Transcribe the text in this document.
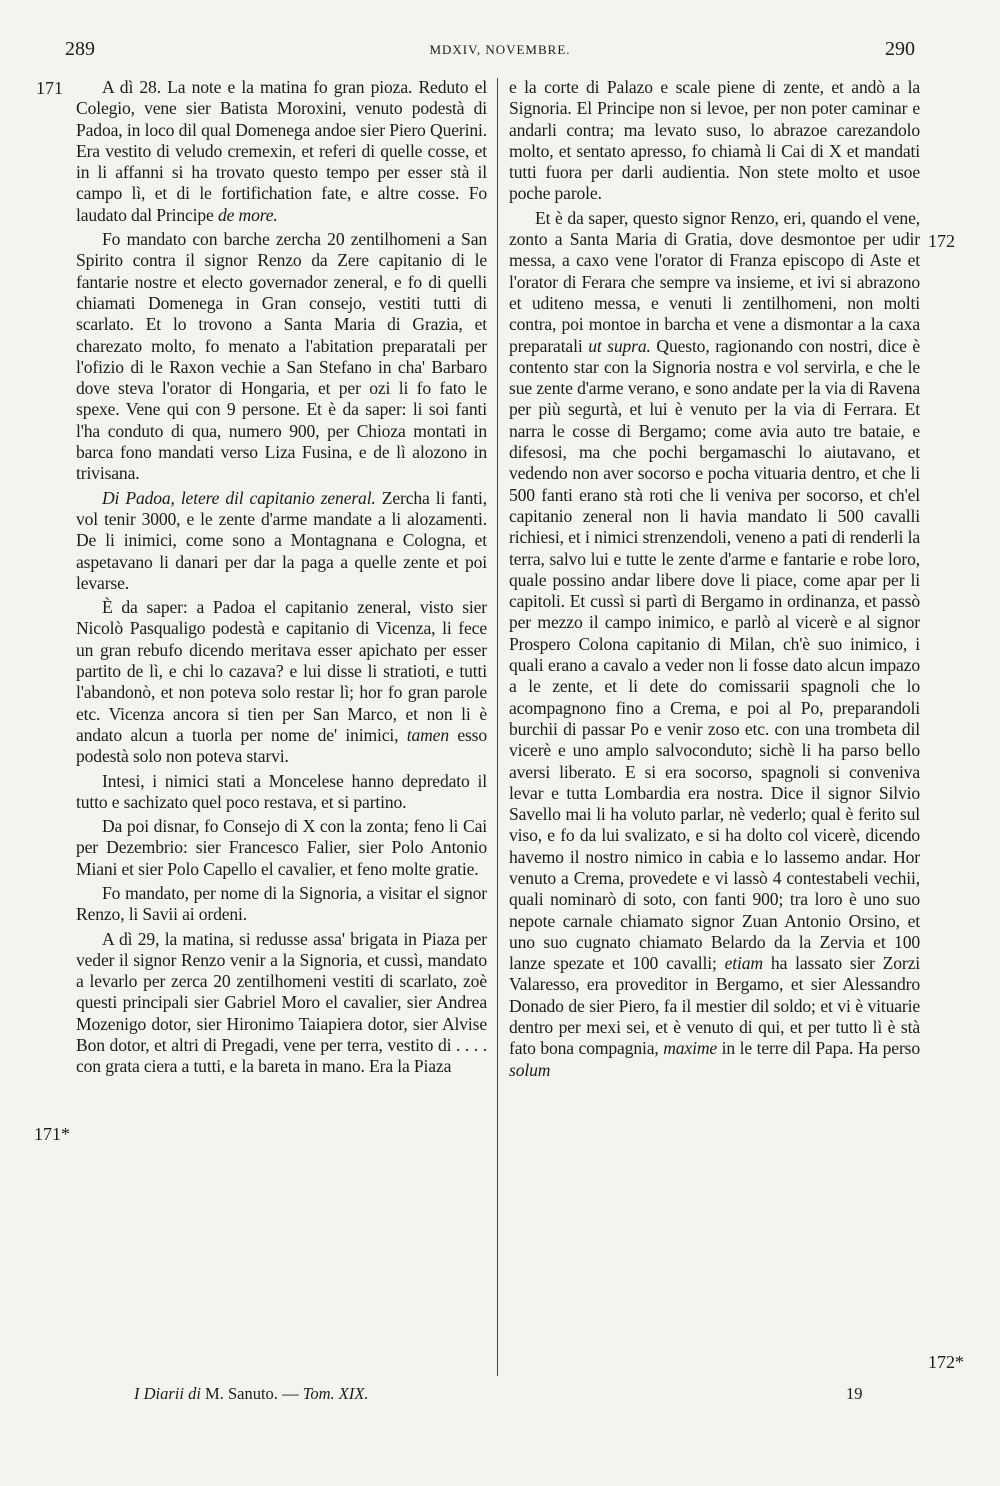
289	MDXIV, NOVEMBRE.	290
171
171*
172
172*

A dì 28. La note e la matina fo gran pioza. Reduto el Colegio, vene sier Batista Moroxini, venuto podestà di Padoa, in loco dil qual Domenega andoe sier Piero Querini. Era vestito di veludo cremexin, et referi di quelle cosse, et in li affanni si ha trovato questo tempo per esser stà il campo lì, et di le fortifichation fate, e altre cosse. Fo laudato dal Principe de more.

Fo mandato con barche zercha 20 zentilhomeni a San Spirito contra il signor Renzo da Zere capitanio di le fantarie nostre et electo governador zeneral, e fo di quelli chiamati Domenega in Gran consejo, vestiti tutti di scarlato. Et lo trovono a Santa Maria di Grazia, et charezato molto, fo menato a l'abitation preparatali per l'ofizio di le Raxon vechie a San Stefano in cha' Barbaro dove steva l'orator di Hongaria, et per ozi li fo fato le spexe. Vene qui con 9 persone. Et è da saper: li soi fanti l'ha conduto di qua, numero 900, per Chioza montati in barca fono mandati verso Liza Fusina, e de lì alozono in trivisana.

Di Padoa, letere dil capitanio zeneral. Zercha li fanti, vol tenir 3000, e le zente d'arme mandate a li alozamenti. De li inimici, come sono a Montagnana e Cologna, et aspetavano li danari per dar la paga a quelle zente et poi levarse.

È da saper: a Padoa el capitanio zeneral, visto sier Nicolò Pasqualigo podestà e capitanio di Vicenza, li fece un gran rebufo dicendo meritava esser apichato per esser partito de lì, e chi lo cazava? e lui disse li stratioti, e tutti l'abandonò, et non poteva solo restar lì; hor fo gran parole etc. Vicenza ancora si tien per San Marco, et non li è andato alcun a tuorla per nome de' inimici, tamen esso podestà solo non poteva starvi.

Intesi, i nimici stati a Moncelese hanno depredato il tutto e sachizato quel poco restava, et si partino.

Da poi disnar, fo Consejo di X con la zonta; feno li Cai per Dezembrio: sier Francesco Falier, sier Polo Antonio Miani et sier Polo Capello el cavalier, et feno molte gratie.

Fo mandato, per nome di la Signoria, a visitar el signor Renzo, li Savii ai ordeni.

A dì 29, la matina, si redusse assa' brigata in Piaza per veder il signor Renzo venir a la Signoria, et cussì, mandato a levarlo per zerca 20 zentilhomeni vestiti di scarlato, zoè questi principali sier Gabriel Moro el cavalier, sier Andrea Mozenigo dotor, sier Hironimo Taiapiera dotor, sier Alvise Bon dotor, et altri di Pregadi, vene per terra, vestito di . . . . con grata ciera a tutti, e la bareta in mano. Era la Piaza

e la corte di Palazo e scale piene di zente, et andò a la Signoria. El Principe non si levoe, per non poter caminar e andarli contra; ma levato suso, lo abrazoe carezandolo molto, et sentato apresso, fo chiamà li Cai di X et mandati tutti fuora per darli audientia. Non stete molto et usoe poche parole.

Et è da saper, questo signor Renzo, eri, quando el vene, zonto a Santa Maria di Gratia, dove desmontoe per udir messa, a caxo vene l'orator di Franza episcopo di Aste et l'orator di Ferara che sempre va insieme, et ivi si abrazono et uditeno messa, e venuti li zentilhomeni, non molti contra, poi montoe in barcha et vene a dismontar a la caxa preparatali ut supra. Questo, ragionando con nostri, dice è contento star con la Signoria nostra e vol servirla, e che le sue zente d'arme verano, e sono andate per la via di Ravena per più segurtà, et lui è venuto per la via di Ferrara. Et narra le cosse di Bergamo; come avia auto tre bataie, e difesosi, ma che pochi bergamaschi lo aiutavano, et vedendo non aver socorso e pocha vituaria dentro, et che li 500 fanti erano stà roti che li veniva per socorso, et ch'el capitanio zeneral non li havia mandato li 500 cavalli richiesi, et i nimici strenzendoli, veneno a pati di renderli la terra, salvo lui e tutte le zente d'arme e fantarie e robe loro, quale possino andar libere dove li piace, come apar per li capitoli. Et cussì si partì di Bergamo in ordinanza, et passò per mezzo il campo inimico, e parlò al vicerè e al signor Prospero Colona capitanio di Milan, ch'è suo inimico, i quali erano a cavalo a veder non li fosse dato alcun impazo a le zente, et li dete do comissarii spagnoli che lo acompagnono fino a Crema, e poi al Po, preparandoli burchii di passar Po e venir zoso etc. con una trombeta dil vicerè e uno amplo salvoconduto; sichè li ha parso bello aversi liberato. E si era socorso, spagnoli si conveniva levar e tutta Lombardia era nostra. Dice il signor Silvio Savello mai li ha voluto parlar, nè vederlo; qual è ferito sul viso, e fo da lui svalizato, e si ha dolto col vicerè, dicendo havemo il nostro nimico in cabia e lo lassemo andar. Hor venuto a Crema, provedete e vi lassò 4 contestabeli vechii, quali nominarò di soto, con fanti 900; tra loro è uno suo nepote carnale chiamato signor Zuan Antonio Orsino, et uno suo cugnato chiamato Belardo da la Zervia et 100 lanze spezate et 100 cavalli; etiam ha lassato sier Zorzi Valaresso, era proveditor in Bergamo, et sier Alessandro Donado de sier Piero, fa il mestier dil soldo; et vi è vituarie dentro per mexi sei, et è venuto di qui, et per tutto lì è stà fato bona compagnia, maxime in le terre dil Papa. Ha perso solum

I Diarii di M. Sanuto. — Tom. XIX.	19
